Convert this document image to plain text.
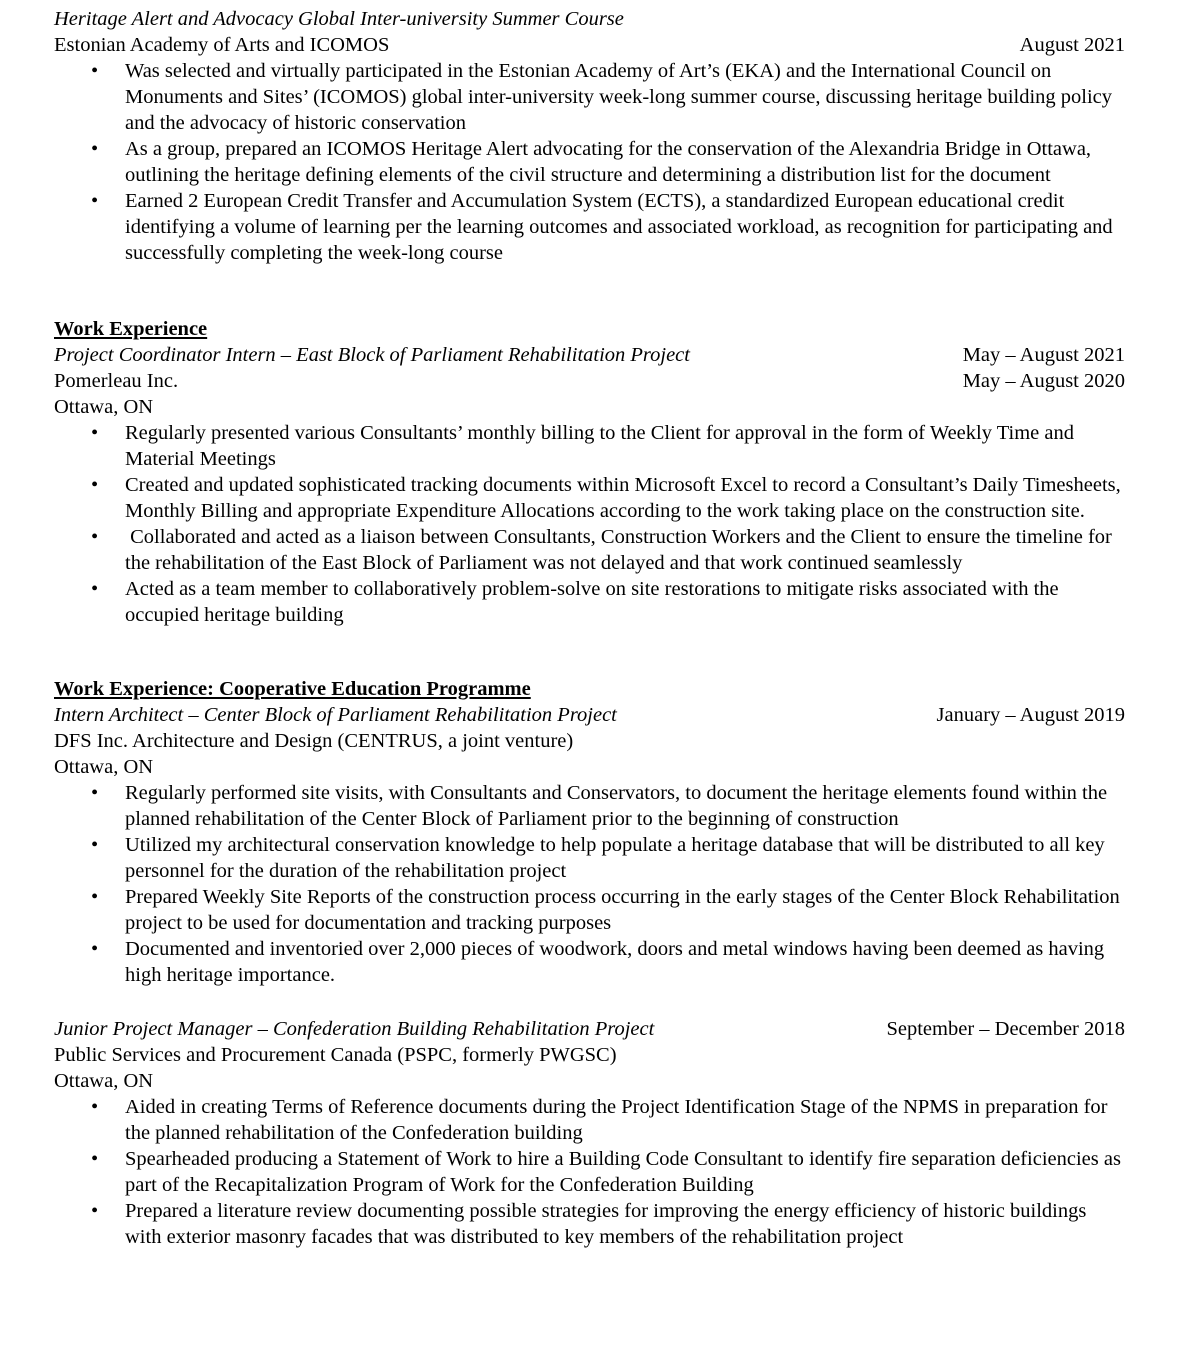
Heritage Alert and Advocacy Global Inter-university Summer Course
Estonian Academy of Arts and ICOMOS	August 2021
• Was selected and virtually participated in the Estonian Academy of Art’s (EKA) and the International Council on Monuments and Sites’ (ICOMOS) global inter-university week-long summer course, discussing heritage building policy and the advocacy of historic conservation
• As a group, prepared an ICOMOS Heritage Alert advocating for the conservation of the Alexandria Bridge in Ottawa, outlining the heritage defining elements of the civil structure and determining a distribution list for the document
• Earned 2 European Credit Transfer and Accumulation System (ECTS), a standardized European educational credit identifying a volume of learning per the learning outcomes and associated workload, as recognition for participating and successfully completing the week-long course
Work Experience
Project Coordinator Intern – East Block of Parliament Rehabilitation Project	May – August 2021
Pomerleau Inc.	May – August 2020
Ottawa, ON
• Regularly presented various Consultants’ monthly billing to the Client for approval in the form of Weekly Time and Material Meetings
• Created and updated sophisticated tracking documents within Microsoft Excel to record a Consultant’s Daily Timesheets, Monthly Billing and appropriate Expenditure Allocations according to the work taking place on the construction site.
•  Collaborated and acted as a liaison between Consultants, Construction Workers and the Client to ensure the timeline for the rehabilitation of the East Block of Parliament was not delayed and that work continued seamlessly
• Acted as a team member to collaboratively problem-solve on site restorations to mitigate risks associated with the occupied heritage building
Work Experience: Cooperative Education Programme
Intern Architect – Center Block of Parliament Rehabilitation Project	January – August 2019
DFS Inc. Architecture and Design (CENTRUS, a joint venture)
Ottawa, ON
• Regularly performed site visits, with Consultants and Conservators, to document the heritage elements found within the planned rehabilitation of the Center Block of Parliament prior to the beginning of construction
• Utilized my architectural conservation knowledge to help populate a heritage database that will be distributed to all key personnel for the duration of the rehabilitation project
• Prepared Weekly Site Reports of the construction process occurring in the early stages of the Center Block Rehabilitation project to be used for documentation and tracking purposes
• Documented and inventoried over 2,000 pieces of woodwork, doors and metal windows having been deemed as having high heritage importance.
Junior Project Manager – Confederation Building Rehabilitation Project	September – December 2018
Public Services and Procurement Canada (PSPC, formerly PWGSC)
Ottawa, ON
• Aided in creating Terms of Reference documents during the Project Identification Stage of the NPMS in preparation for the planned rehabilitation of the Confederation building
• Spearheaded producing a Statement of Work to hire a Building Code Consultant to identify fire separation deficiencies as part of the Recapitalization Program of Work for the Confederation Building
• Prepared a literature review documenting possible strategies for improving the energy efficiency of historic buildings with exterior masonry facades that was distributed to key members of the rehabilitation project
